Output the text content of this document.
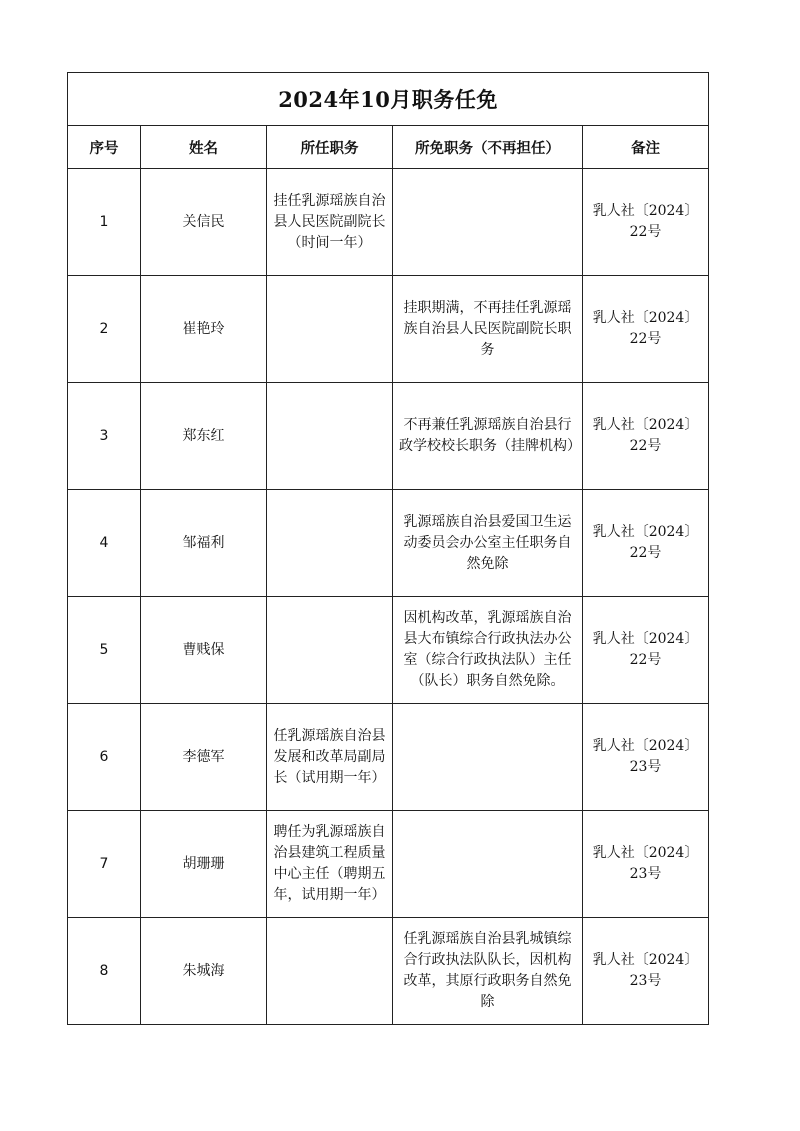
2024年10月职务任免				
序号	姓名	所任职务	所免职务（不再担任）	备注
1	关信民	挂任乳源瑶族自治县人民医院副院长（时间一年）		乳人社〔2024〕
22号

2	崔艳玲		挂职期满，不再挂任乳源瑶族自治县人民医院副院长职务	乳人社〔2024〕
22号

3	郑东红		不再兼任乳源瑶族自治县行政学校校长职务（挂牌机构）	乳人社〔2024〕
22号

4	邹福利		乳源瑶族自治县爱国卫生运动委员会办公室主任职务自然免除	乳人社〔2024〕
22号

5	曹贱保		因机构改革，乳源瑶族自治县大布镇综合行政执法办公室（综合行政执法队）主任（队长）职务自然免除。	乳人社〔2024〕
22号

6	李德军	任乳源瑶族自治县发展和改革局副局长（试用期一年）		乳人社〔2024〕
23号

7	胡珊珊	聘任为乳源瑶族自治县建筑工程质量中心主任（聘期五年，试用期一年）		乳人社〔2024〕
23号

8	朱城海		任乳源瑶族自治县乳城镇综合行政执法队队长，因机构改革，其原行政职务自然免除	乳人社〔2024〕
23号
